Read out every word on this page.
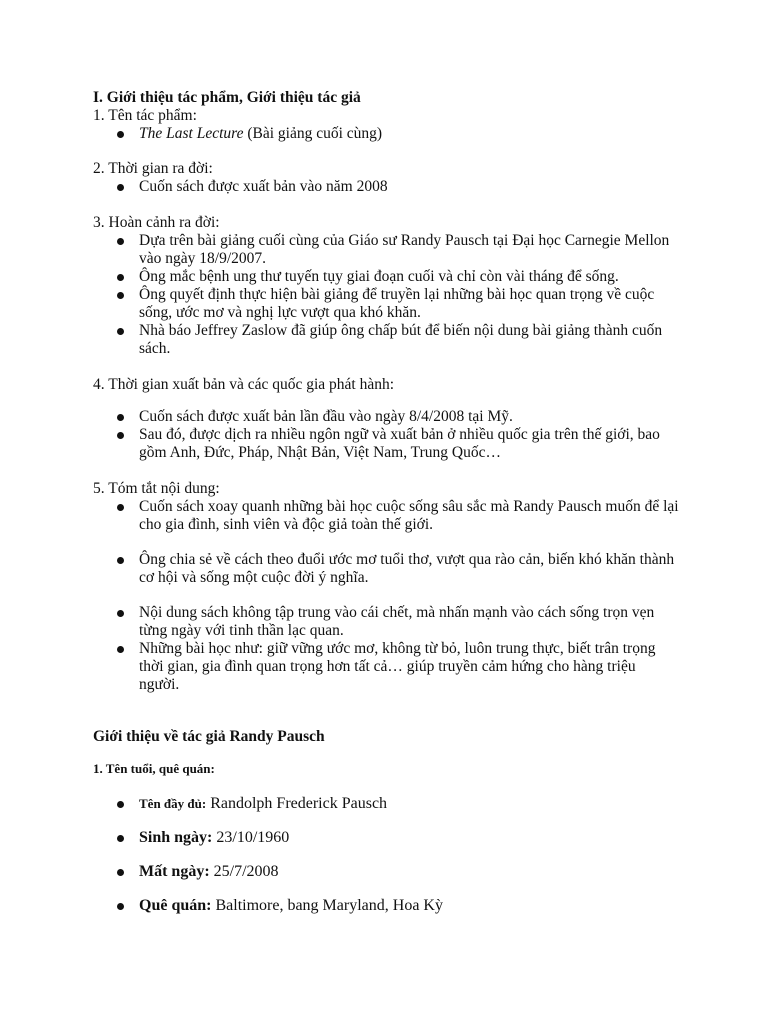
I. Giới thiệu tác phẩm, Giới thiệu tác giả

1. Tên tác phẩm:

The Last Lecture (Bài giảng cuối cùng)

2. Thời gian ra đời:

Cuốn sách được xuất bản vào năm 2008

3. Hoàn cảnh ra đời:

Dựa trên bài giảng cuối cùng của Giáo sư Randy Pausch tại Đại học Carnegie Mellon vào ngày 18/9/2007.
Ông mắc bệnh ung thư tuyến tụy giai đoạn cuối và chỉ còn vài tháng để sống.
Ông quyết định thực hiện bài giảng để truyền lại những bài học quan trọng về cuộc sống, ước mơ và nghị lực vượt qua khó khăn.
Nhà báo Jeffrey Zaslow đã giúp ông chấp bút để biến nội dung bài giảng thành cuốn sách.

4. Thời gian xuất bản và các quốc gia phát hành:

Cuốn sách được xuất bản lần đầu vào ngày 8/4/2008 tại Mỹ.
Sau đó, được dịch ra nhiều ngôn ngữ và xuất bản ở nhiều quốc gia trên thế giới, bao gồm Anh, Đức, Pháp, Nhật Bản, Việt Nam, Trung Quốc…

5. Tóm tắt nội dung:

Cuốn sách xoay quanh những bài học cuộc sống sâu sắc mà Randy Pausch muốn để lại cho gia đình, sinh viên và độc giả toàn thế giới.
Ông chia sẻ về cách theo đuổi ước mơ tuổi thơ, vượt qua rào cản, biến khó khăn thành cơ hội và sống một cuộc đời ý nghĩa.
Nội dung sách không tập trung vào cái chết, mà nhấn mạnh vào cách sống trọn vẹn từng ngày với tinh thần lạc quan.
Những bài học như: giữ vững ước mơ, không từ bỏ, luôn trung thực, biết trân trọng thời gian, gia đình quan trọng hơn tất cả… giúp truyền cảm hứng cho hàng triệu người.

Giới thiệu về tác giả Randy Pausch

1. Tên tuổi, quê quán:

Tên đầy đủ: Randolph Frederick Pausch
Sinh ngày: 23/10/1960
Mất ngày: 25/7/2008
Quê quán: Baltimore, bang Maryland, Hoa Kỳ
